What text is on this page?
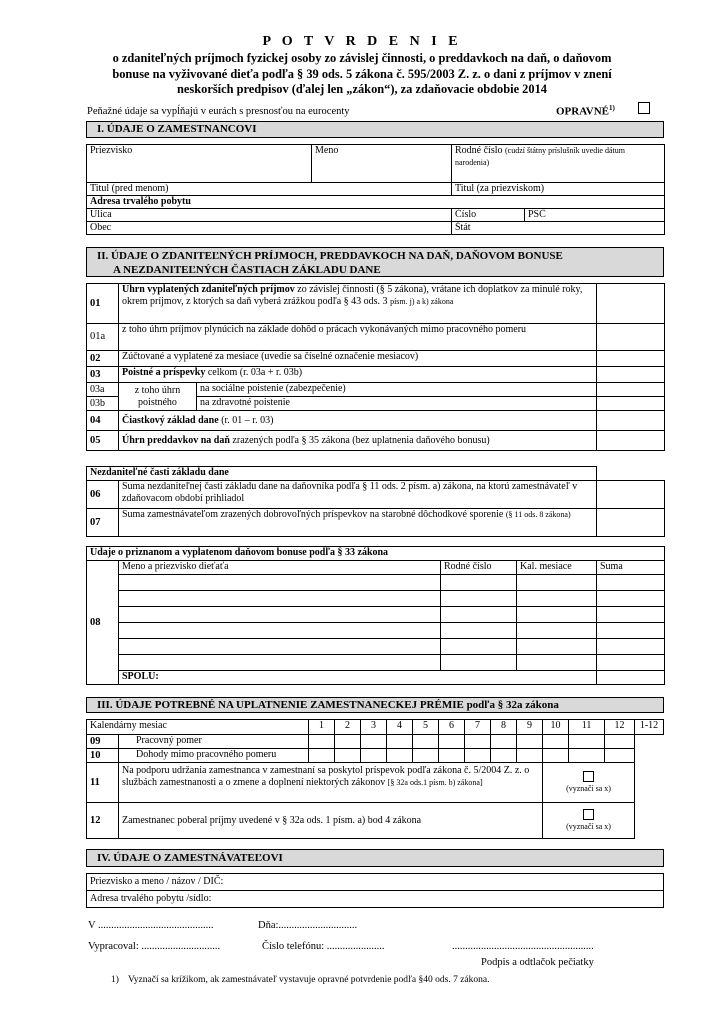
P O T V R D E N I E
o zdaniteľných príjmoch fyzickej osoby zo závislej činnosti, o preddavkoch na daň, o daňovom
bonuse na vyživované dieťa podľa § 39 ods. 5 zákona č. 595/2003 Z. z. o dani z príjmov v znení
neskorších predpisov (ďalej len „zákon“), za zdaňovacie obdobie 2014
Peňažné údaje sa vypĺňajú v eurách s presnosťou na eurocenty	OPRAVNÉ$^{1)}$
I. ÚDAJE O ZAMESTNANCOVI
Priezvisko	Meno	Rodné číslo (cudzí štátny príslušník uvedie dátum narodenia)	
Titul (pred menom)		Titul (za priezviskom)	
Adresa trvalého pobytu			
Ulica		Číslo	PSČ
Obec		Štát	
II. ÚDAJE O ZDANITEĽNÝCH PRÍJMOCH, PREDDAVKOCH NA DAŇ, DAŇOVOM BONUSE
A NEZDANITEĽNÝCH ČASTIACH ZÁKLADU DANE
01	Úhrn vyplatených zdaniteľných príjmov zo závislej činnosti (§ 5 zákona), vrátane ich doplatkov za minulé roky, okrem príjmov, z ktorých sa daň vyberá zrážkou podľa § 43 ods. 3 písm. j) a k) zákona		
01a	z toho úhrn príjmov plynúcich na základe dohôd o prácach vykonávaných mimo pracovného pomeru		
02	Zúčtované a vyplatené za mesiace (uvedie sa číselné označenie mesiacov)		
03	Poistné a príspevky celkom (r. 03a + r. 03b)		
03a	z toho úhrn poistného	na sociálne poistenie (zabezpečenie)	
03b		na zdravotné poistenie	
04	Čiastkový základ dane (r. 01 – r. 03)		
05	Úhrn preddavkov na daň zrazených podľa § 35 zákona (bez uplatnenia daňového bonusu)		
Nezdaniteľné časti základu dane		
06	Suma nezdaniteľnej časti základu dane na daňovníka podľa § 11 ods. 2 písm. a) zákona, na ktorú zamestnávateľ v zdaňovacom období prihliadol	
07	Suma zamestnávateľom zrazených dobrovoľných príspevkov na starobné dôchodkové sporenie (§ 11 ods. 8 zákona)	
Údaje o priznanom a vyplatenom daňovom bonuse podľa § 33 zákona				
08	Meno a priezvisko dieťaťa	Rodné číslo	Kal. mesiace	Suma

	SPOLU:			
III. ÚDAJE POTREBNÉ NA UPLATNENIE ZAMESTNANECKEJ PRÉMIE podľa § 32a zákona
Kalendárny mesiac		1	2	3	4	5	6	7	8	9	10	11	12	1-12
09	Pracovný pomer													
10	Dohody mimo pracovného pomeru													
11	Na podporu udržania zamestnanca v zamestnaní sa poskytol príspevok podľa zákona č. 5/2004 Z. z. o službách zamestnanosti a o zmene a doplnení niektorých zákonov [§ 32a ods.1 písm. b) zákona]										(vyznačí sa x)			
12	Zamestnanec poberal príjmy uvedené v § 32a ods. 1 písm. a) bod 4 zákona										(vyznačí sa x)			
IV. ÚDAJE O ZAMESTNÁVATEĽOVI
Priezvisko a meno / názov / DIČ:
Adresa trvalého pobytu /sídlo:
V ............................................	Dňa:..............................
Vypracoval: ..............................	Číslo telefónu: ......................	......................................................
Podpis a odtlačok pečiatky
1) Vyznačí sa krížikom, ak zamestnávateľ vystavuje opravné potvrdenie podľa §40 ods. 7 zákona.
